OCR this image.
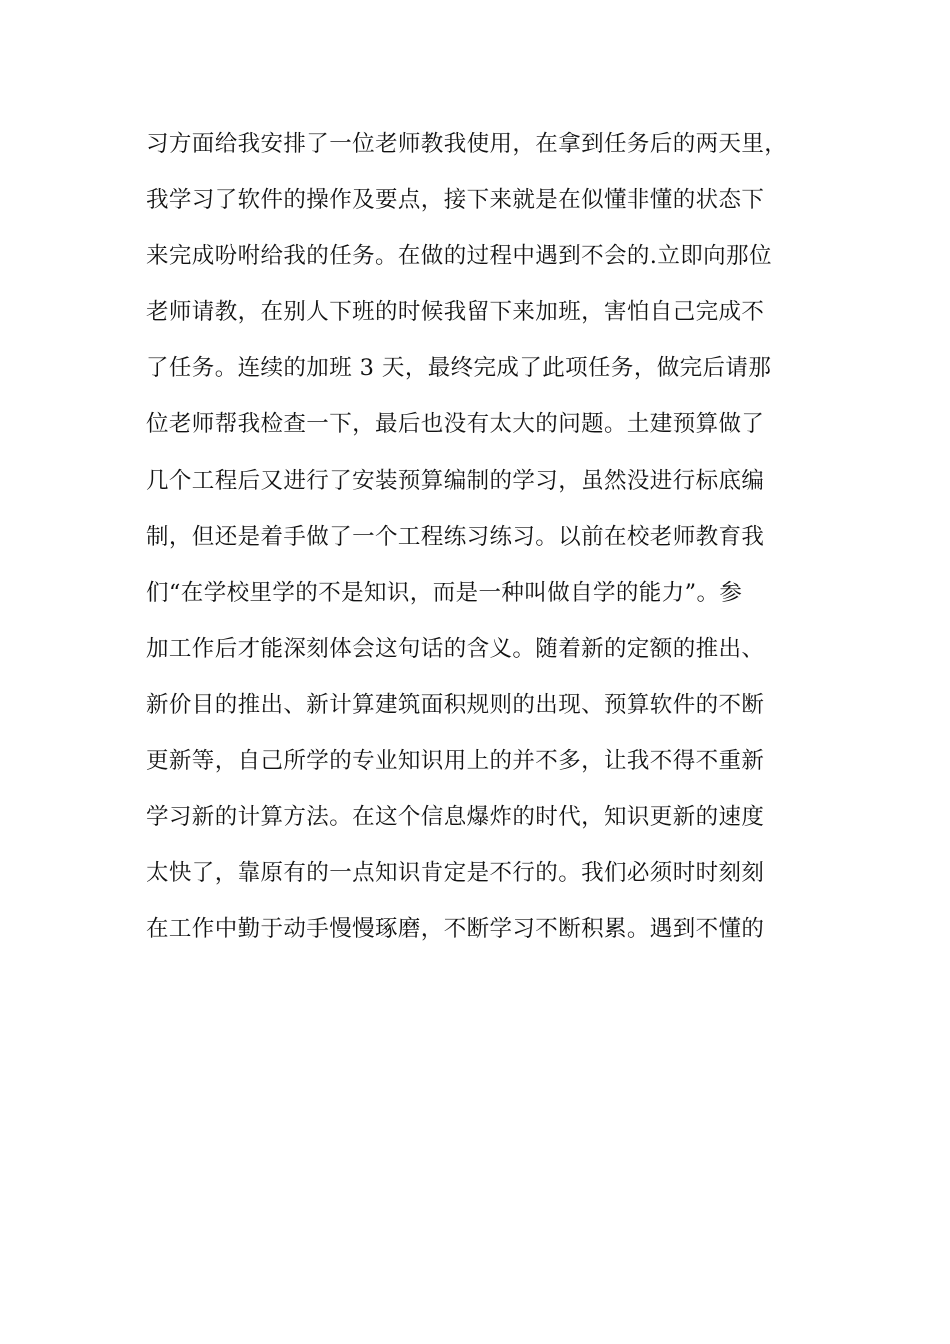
习方面给我安排了一位老师教我使用，在拿到任务后的两天里，
我学习了软件的操作及要点，接下来就是在似懂非懂的状态下
来完成吩咐给我的任务。在做的过程中遇到不会的.立即向那位
老师请教，在别人下班的时候我留下来加班，害怕自己完成不
了任务。连续的加班 3 天，最终完成了此项任务，做完后请那
位老师帮我检查一下，最后也没有太大的问题。土建预算做了
几个工程后又进行了安装预算编制的学习，虽然没进行标底编
制，但还是着手做了一个工程练习练习。以前在校老师教育我
们“在学校里学的不是知识，而是一种叫做自学的能力”。参
加工作后才能深刻体会这句话的含义。随着新的定额的推出、
新价目的推出、新计算建筑面积规则的出现、预算软件的不断
更新等，自己所学的专业知识用上的并不多，让我不得不重新
学习新的计算方法。在这个信息爆炸的时代，知识更新的速度
太快了，靠原有的一点知识肯定是不行的。我们必须时时刻刻
在工作中勤于动手慢慢琢磨，不断学习不断积累。遇到不懂的
